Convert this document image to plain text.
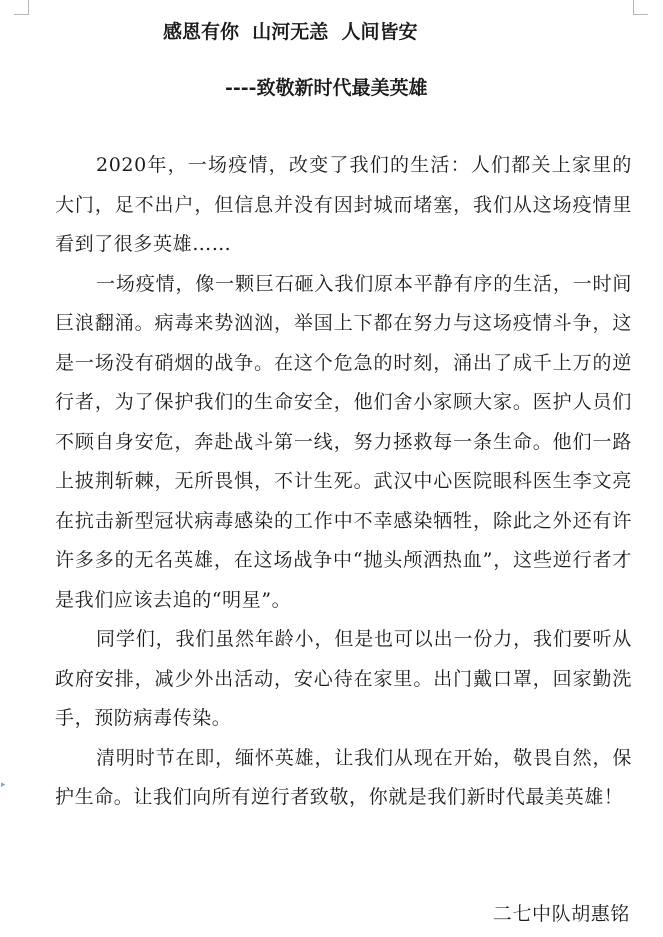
▸
感恩有你  山河无恙  人间皆安
----致敬新时代最美英雄

2020年，一场疫情，改变了我们的生活：人们都关上家里的大门，足不出户，但信息并没有因封城而堵塞，我们从这场疫情里看到了很多英雄……

一场疫情，像一颗巨石砸入我们原本平静有序的生活，一时间巨浪翻涌。病毒来势汹汹，举国上下都在努力与这场疫情斗争，这是一场没有硝烟的战争。在这个危急的时刻，涌出了成千上万的逆行者，为了保护我们的生命安全，他们舍小家顾大家。医护人员们不顾自身安危，奔赴战斗第一线，努力拯救每一条生命。他们一路上披荆斩棘，无所畏惧，不计生死。武汉中心医院眼科医生李文亮在抗击新型冠状病毒感染的工作中不幸感染牺牲，除此之外还有许许多多的无名英雄，在这场战争中“抛头颅洒热血”，这些逆行者才是我们应该去追的“明星”。

同学们，我们虽然年龄小，但是也可以出一份力，我们要听从政府安排，减少外出活动，安心待在家里。出门戴口罩，回家勤洗手，预防病毒传染。

清明时节在即，缅怀英雄，让我们从现在开始，敬畏自然，保护生命。让我们向所有逆行者致敬，你就是我们新时代最美英雄！

二七中队胡惠铭
